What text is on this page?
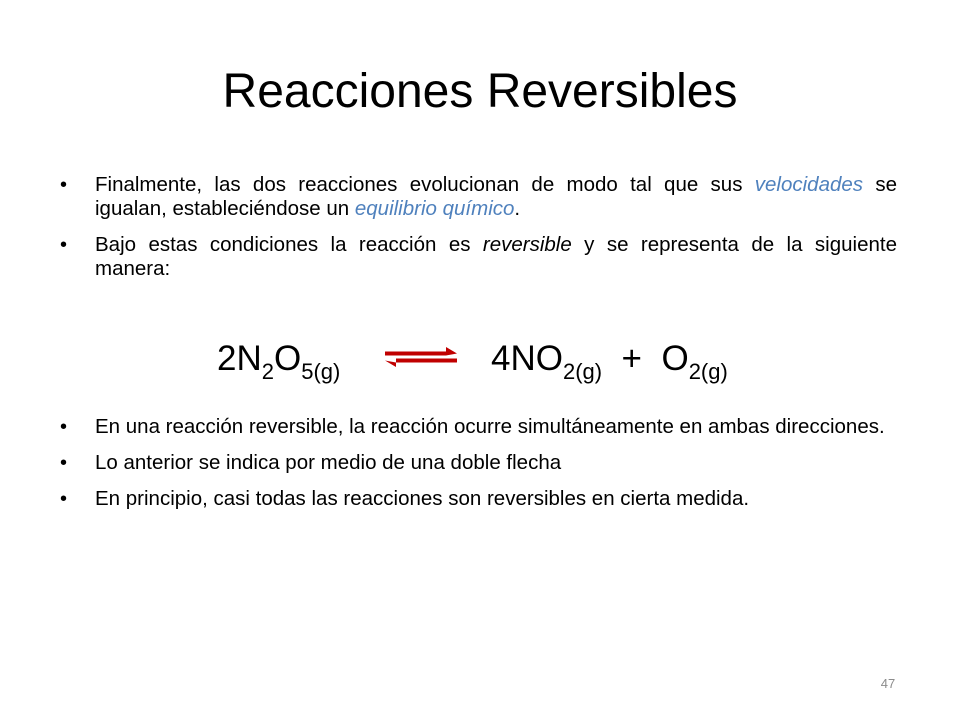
Reacciones Reversibles
• Finalmente, las dos reacciones evolucionan de modo tal que sus velocidades se igualan, estableciéndose un equilibrio químico.
• Bajo estas condiciones la reacción es reversible y se representa de la siguiente manera:
$2N_2O_{5(g)}$	$4NO_{2(g)} + O_{2(g)}$
• En una reacción reversible, la reacción ocurre simultáneamente en ambas direcciones.
• Lo anterior se indica por medio de una doble flecha
• En principio, casi todas las reacciones son reversibles en cierta medida.
47
